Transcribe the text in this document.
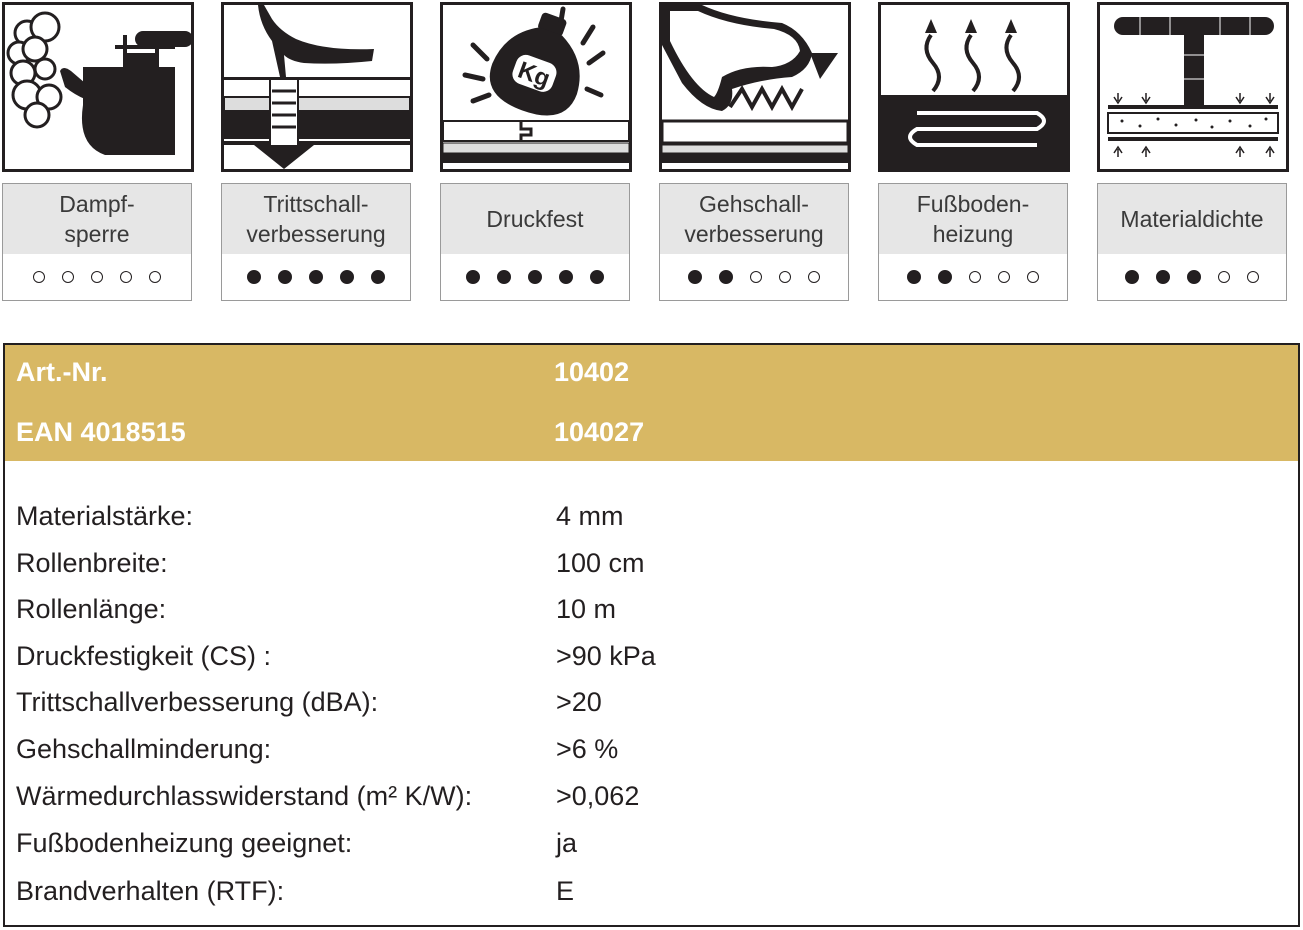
Dampf-
sperre
Trittschall-
verbesserung
Kg
Druckfest
Gehschall-
verbesserung
Fußboden-
heizung
Materialdichte
Art.-Nr.	10402
EAN 4018515	104027
Materialstärke:	4 mm
Rollenbreite:	100 cm
Rollenlänge:	10 m
Druckfestigkeit (CS) :	>90 kPa
Trittschallverbesserung (dBA):	>20
Gehschallminderung:	>6 %
Wärmedurchlasswiderstand (m² K/W):	>0,062
Fußbodenheizung geeignet:	ja
Brandverhalten (RTF):	E
